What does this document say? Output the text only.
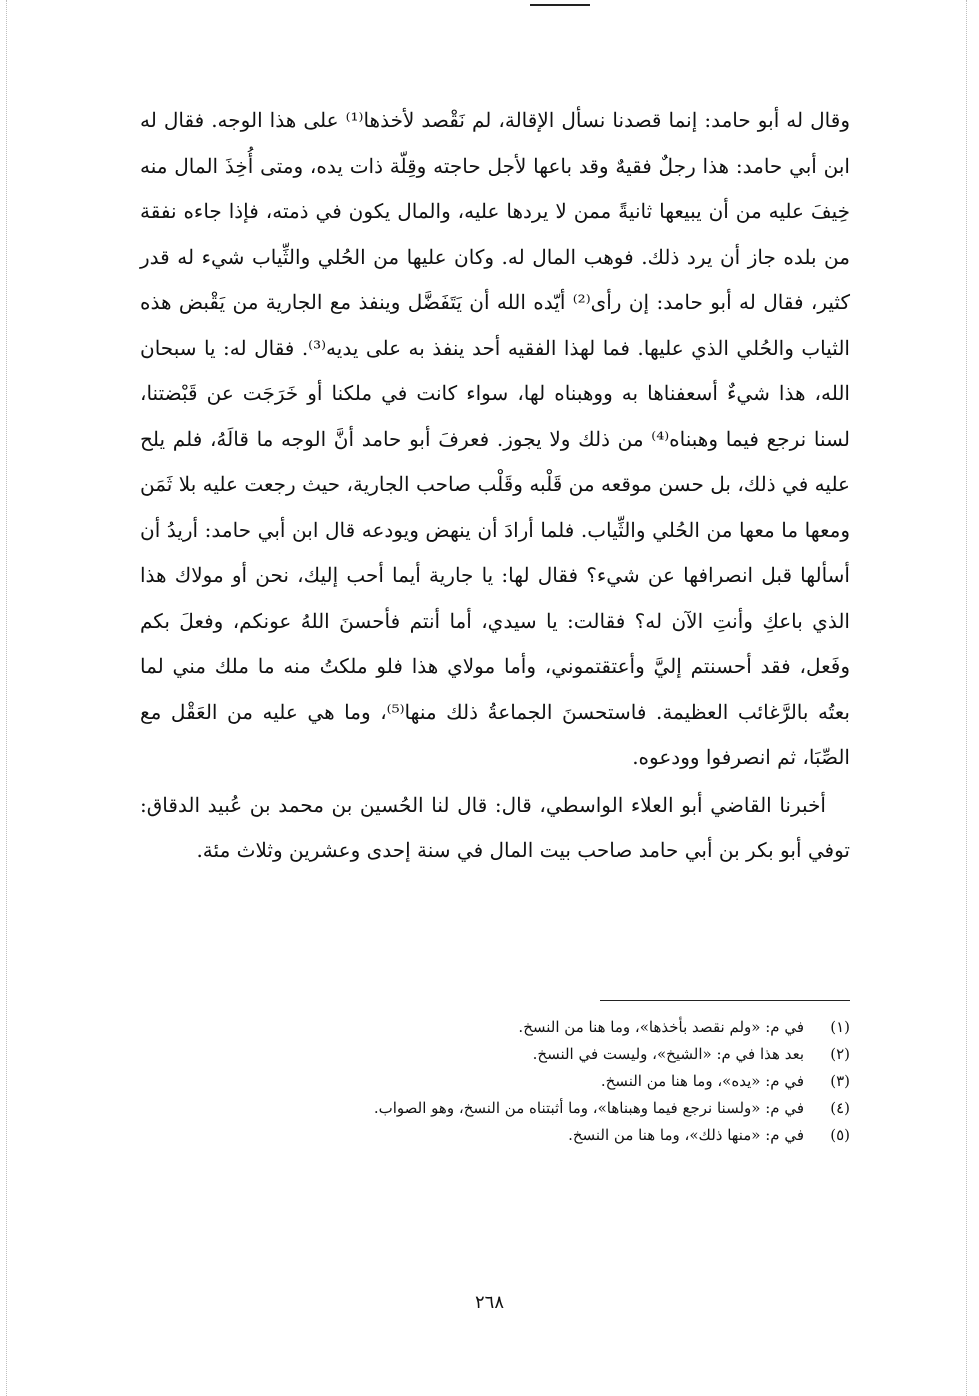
وقال له أبو حامد: إنما قصدنا نسأل الإقالة، لم نَقْصد لأخذها⁽¹⁾ على هذا الوجه. فقال له ابن أبي حامد: هذا رجلٌ فقيهٌ وقد باعها لأجل حاجته وقِلّة ذات يده، ومتى أُخِذَ المال منه خِيفَ عليه من أن يبيعها ثانيةً ممن لا يردها عليه، والمال يكون في ذمته، فإذا جاءه نفقة من بلده جاز أن يرد ذلك. فوهب المال له. وكان عليها من الحُلي والثِّياب شيء له قدر كثير، فقال له أبو حامد: إن رأى⁽²⁾ أيّده الله أن يَتَفَضَّل وينفذ مع الجارية من يَقْبض هذه الثياب والحُلي الذي عليها. فما لهذا الفقيه أحد ينفذ به على يديه⁽³⁾. فقال له: يا سبحان الله، هذا شيءٌ أسعفناها به ووهبناه لها، سواء كانت في ملكنا أو خَرَجَت عن قَبْضتنا، لسنا نرجع فيما وهبناه⁽⁴⁾ من ذلك ولا يجوز. فعرفَ أبو حامد أنَّ الوجه ما قالَهُ، فلم يلح عليه في ذلك، بل حسن موقعه من قَلْبه وقَلْب صاحب الجارية، حيث رجعت عليه بلا ثَمَن ومعها ما معها من الحُلي والثِّياب. فلما أرادَ أن ينهض ويودعه قال ابن أبي حامد: أريدُ أن أسألها قبل انصرافها عن شيء؟ فقال لها: يا جارية أيما أحب إليك، نحن أو مولاك هذا الذي باعكِ وأنتِ الآن له؟ فقالت: يا سيدي، أما أنتم فأحسنَ اللهُ عونكم، وفعلَ بكم وفَعل، فقد أحسنتم إليَّ وأعتقتموني، وأما مولاي هذا فلو ملكتُ منه ما ملك مني لما بعتُه بالرَّغائب العظيمة. فاستحسنَ الجماعةُ ذلك منها⁽⁵⁾، وما هي عليه من العَقْل مع الصِّبَا، ثم انصرفوا وودعوه.

أخبرنا القاضي أبو العلاء الواسطي، قال: قال لنا الحُسين بن محمد بن عُبيد الدقاق: توفي أبو بكر بن أبي حامد صاحب بيت المال في سنة إحدى وعشرين وثلاث مئة.

(١)في م: «ولم نقصد بأخذها»، وما هنا من النسخ.
(٢)بعد هذا في م: «الشيخ»، وليست في النسخ.
(٣)في م: «يده»، وما هنا من النسخ.
(٤)في م: «ولسنا نرجع فيما وهبناها»، وما أثبتناه من النسخ، وهو الصواب.
(٥)في م: «منها ذلك»، وما هنا من النسخ.
٢٦٨
